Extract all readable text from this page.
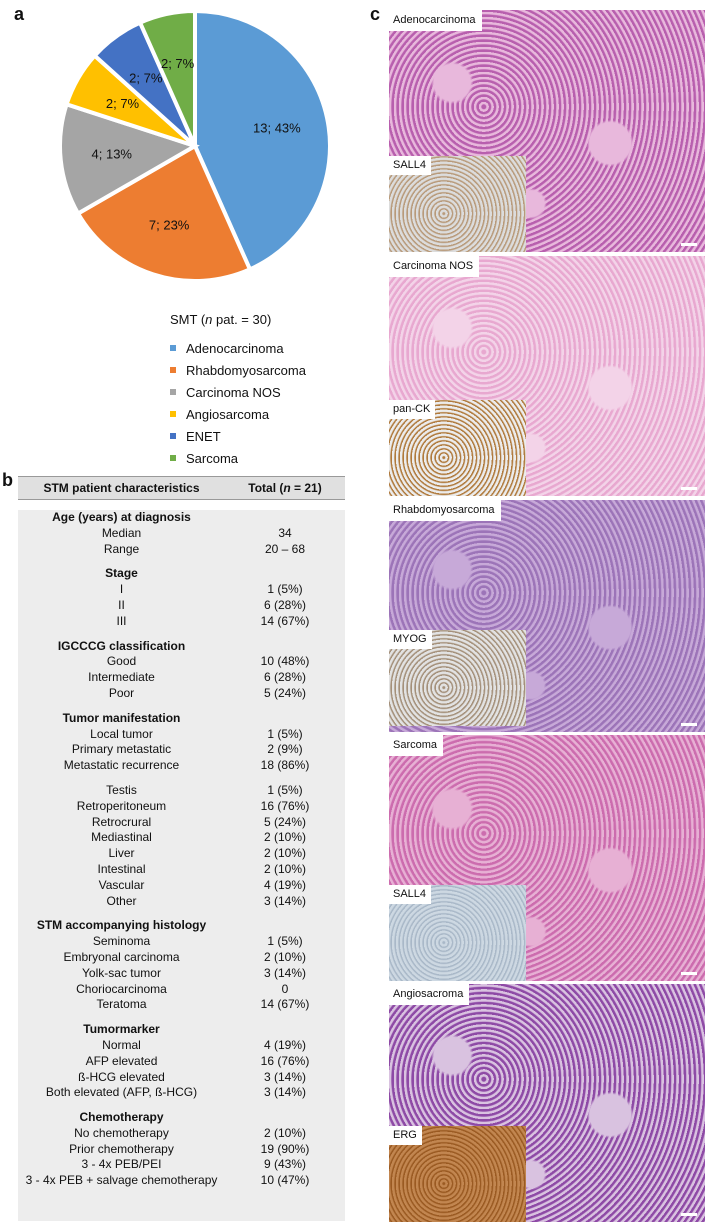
a
b
c
13; 43%
7; 23%
4; 13%
2; 7%
2; 7%
2; 7%
SMT (n pat. = 30)
Adenocarcinoma
Rhabdomyosarcoma
Carcinoma NOS
Angiosarcoma
ENET
Sarcoma
STM patient characteristics	Total (n = 21)
Age (years) at diagnosis
Median	34
Range	20 – 68
Stage
I	1 (5%)
II	6 (28%)
III	14 (67%)
IGCCCG classification
Good	10 (48%)
Intermediate	6 (28%)
Poor	5 (24%)
Tumor manifestation
Local tumor	1 (5%)
Primary metastatic	2 (9%)
Metastatic recurrence	18 (86%)
Testis	1 (5%)
Retroperitoneum	16 (76%)
Retrocrural	5 (24%)
Mediastinal	2 (10%)
Liver	2 (10%)
Intestinal	2 (10%)
Vascular	4 (19%)
Other	3 (14%)
STM accompanying histology
Seminoma	1 (5%)
Embryonal carcinoma	2 (10%)
Yolk-sac tumor	3 (14%)
Choriocarcinoma	0
Teratoma	14 (67%)
Tumormarker
Normal	4 (19%)
AFP elevated	16 (76%)
ß-HCG elevated	3 (14%)
Both elevated (AFP, ß-HCG)	3 (14%)
Chemotherapy
No chemotherapy	2 (10%)
Prior chemotherapy	19 (90%)
3 - 4x PEB/PEI	9 (43%)
3 - 4x PEB + salvage chemotherapy	10 (47%)
Adenocarcinoma
SALL4
Carcinoma NOS
pan-CK
Rhabdomyosarcoma
MYOG
Sarcoma
SALL4
Angiosacroma
ERG
